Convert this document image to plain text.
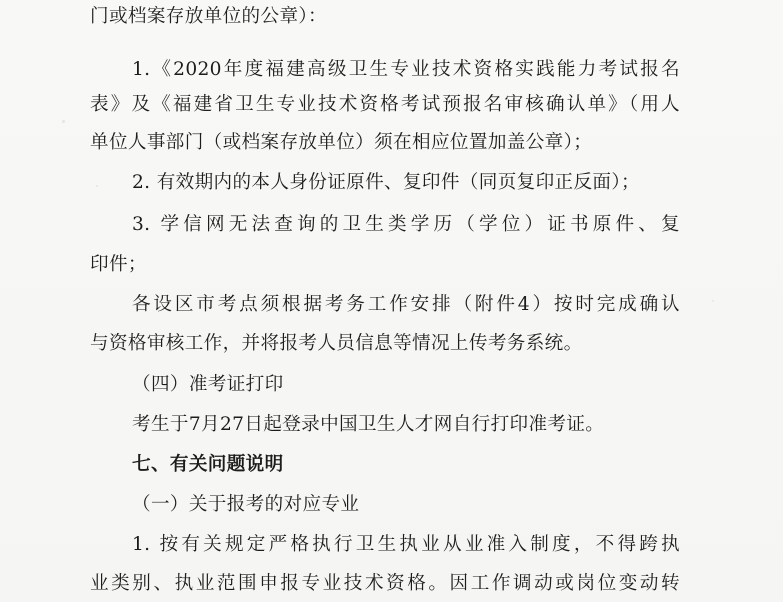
门或档案存放单位的公章）：
1.《2020年度福建高级卫生专业技术资格实践能力考试报名
表》及《福建省卫生专业技术资格考试预报名审核确认单》（用人
单位人事部门（或档案存放单位）须在相应位置加盖公章）；
2. 有效期内的本人身份证原件、复印件（同页复印正反面）；
3. 学信网无法查询的卫生类学历（学位）证书原件、复
印件；
各设区市考点须根据考务工作安排（附件4）按时完成确认
与资格审核工作，并将报考人员信息等情况上传考务系统。
（四）准考证打印
考生于7月27日起登录中国卫生人才网自行打印准考证。
七、有关问题说明
（一）关于报考的对应专业
1. 按有关规定严格执行卫生执业从业准入制度，不得跨执
业类别、执业范围申报专业技术资格。因工作调动或岗位变动转
